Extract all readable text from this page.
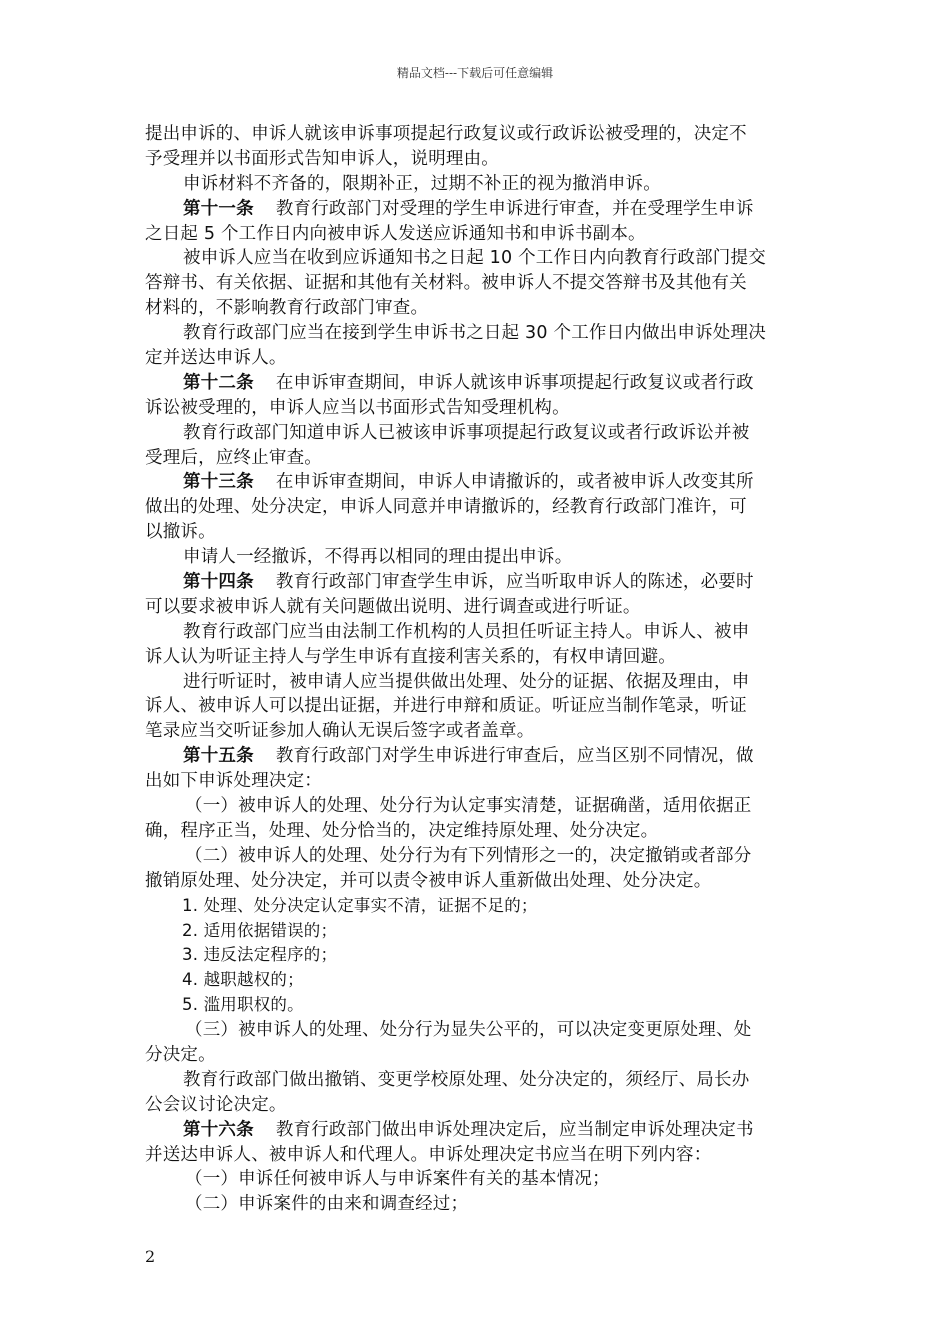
精品文档---下载后可任意编辑
提出申诉的、申诉人就该申诉事项提起行政复议或行政诉讼被受理的，决定不
予受理并以书面形式告知申诉人，说明理由。
申诉材料不齐备的，限期补正，过期不补正的视为撤消申诉。
第十一条 教育行政部门对受理的学生申诉进行审查，并在受理学生申诉
之日起 5 个工作日内向被申诉人发送应诉通知书和申诉书副本。
被申诉人应当在收到应诉通知书之日起 10 个工作日内向教育行政部门提交
答辩书、有关依据、证据和其他有关材料。被申诉人不提交答辩书及其他有关
材料的，不影响教育行政部门审查。
教育行政部门应当在接到学生申诉书之日起 30 个工作日内做出申诉处理决
定并送达申诉人。
第十二条 在申诉审查期间，申诉人就该申诉事项提起行政复议或者行政
诉讼被受理的，申诉人应当以书面形式告知受理机构。
教育行政部门知道申诉人已被该申诉事项提起行政复议或者行政诉讼并被
受理后，应终止审查。
第十三条 在申诉审查期间，申诉人申请撤诉的，或者被申诉人改变其所
做出的处理、处分决定，申诉人同意并申请撤诉的，经教育行政部门准许，可
以撤诉。
申请人一经撤诉，不得再以相同的理由提出申诉。
第十四条 教育行政部门审查学生申诉，应当听取申诉人的陈述，必要时
可以要求被申诉人就有关问题做出说明、进行调查或进行听证。
教育行政部门应当由法制工作机构的人员担任听证主持人。申诉人、被申
诉人认为听证主持人与学生申诉有直接利害关系的，有权申请回避。
进行听证时，被申请人应当提供做出处理、处分的证据、依据及理由，申
诉人、被申诉人可以提出证据，并进行申辩和质证。听证应当制作笔录，听证
笔录应当交听证参加人确认无误后签字或者盖章。
第十五条 教育行政部门对学生申诉进行审查后，应当区别不同情况，做
出如下申诉处理决定：
（一）被申诉人的处理、处分行为认定事实清楚，证据确凿，适用依据正
确，程序正当，处理、处分恰当的，决定维持原处理、处分决定。
（二）被申诉人的处理、处分行为有下列情形之一的，决定撤销或者部分
撤销原处理、处分决定，并可以责令被申诉人重新做出处理、处分决定。
1. 处理、处分决定认定事实不清，证据不足的；
2. 适用依据错误的；
3. 违反法定程序的；
4. 越职越权的；
5. 滥用职权的。
（三）被申诉人的处理、处分行为显失公平的，可以决定变更原处理、处
分决定。
教育行政部门做出撤销、变更学校原处理、处分决定的，须经厅、局长办
公会议讨论决定。
第十六条 教育行政部门做出申诉处理决定后，应当制定申诉处理决定书
并送达申诉人、被申诉人和代理人。申诉处理决定书应当在明下列内容：
（一）申诉任何被申诉人与申诉案件有关的基本情况；
（二）申诉案件的由来和调查经过；
2
